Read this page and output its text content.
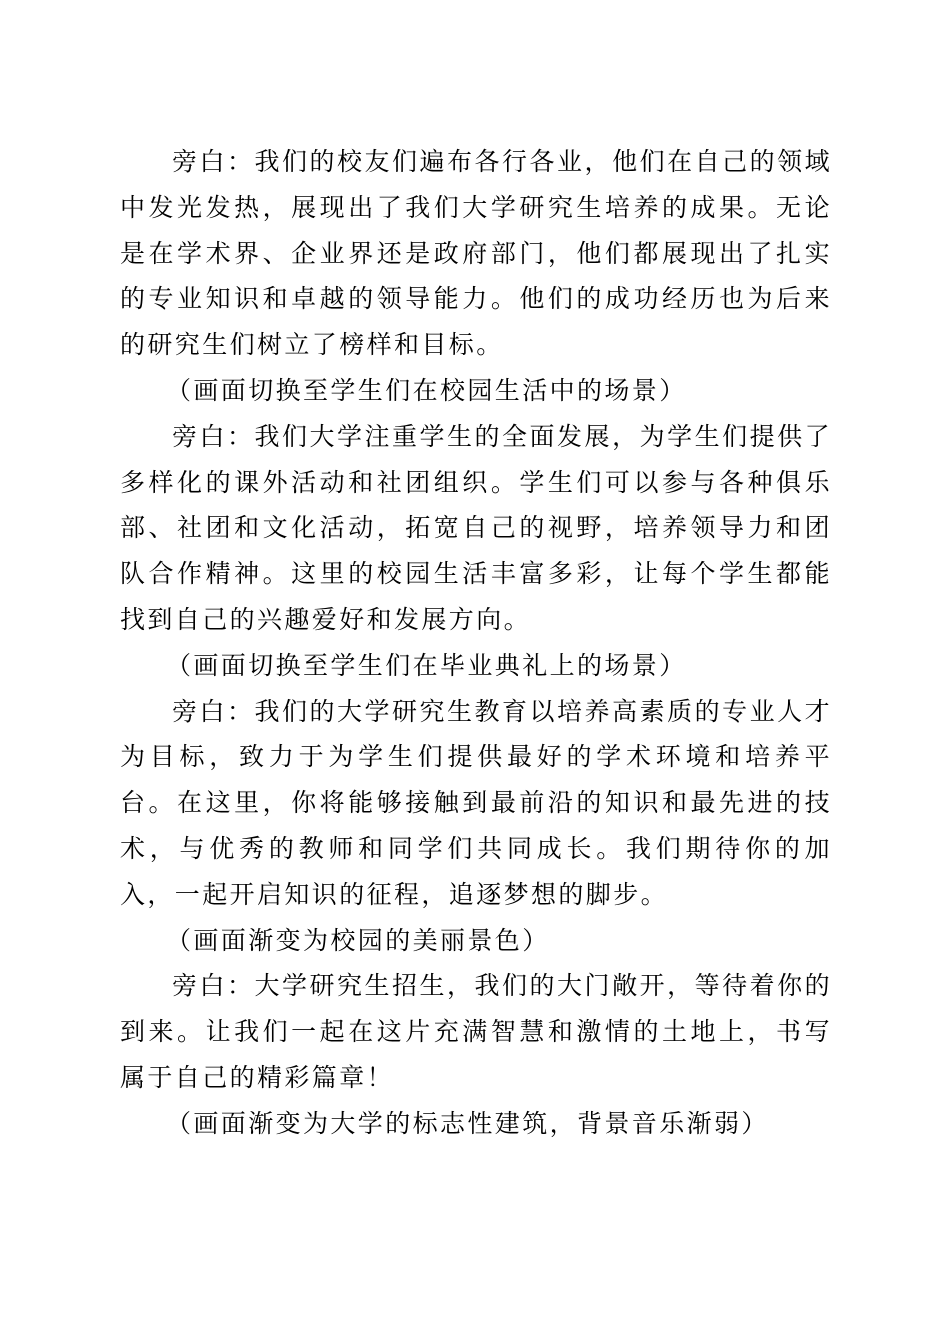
旁白：我们的校友们遍布各行各业，他们在自己的领域中发光发热，展现出了我们大学研究生培养的成果。无论是在学术界、企业界还是政府部门，他们都展现出了扎实的专业知识和卓越的领导能力。他们的成功经历也为后来的研究生们树立了榜样和目标。

（画面切换至学生们在校园生活中的场景）

旁白：我们大学注重学生的全面发展，为学生们提供了多样化的课外活动和社团组织。学生们可以参与各种俱乐部、社团和文化活动，拓宽自己的视野，培养领导力和团队合作精神。这里的校园生活丰富多彩，让每个学生都能找到自己的兴趣爱好和发展方向。

（画面切换至学生们在毕业典礼上的场景）

旁白：我们的大学研究生教育以培养高素质的专业人才为目标，致力于为学生们提供最好的学术环境和培养平台。在这里，你将能够接触到最前沿的知识和最先进的技术，与优秀的教师和同学们共同成长。我们期待你的加入，一起开启知识的征程，追逐梦想的脚步。

（画面渐变为校园的美丽景色）

旁白：大学研究生招生，我们的大门敞开，等待着你的到来。让我们一起在这片充满智慧和激情的土地上，书写属于自己的精彩篇章！

（画面渐变为大学的标志性建筑，背景音乐渐弱）
